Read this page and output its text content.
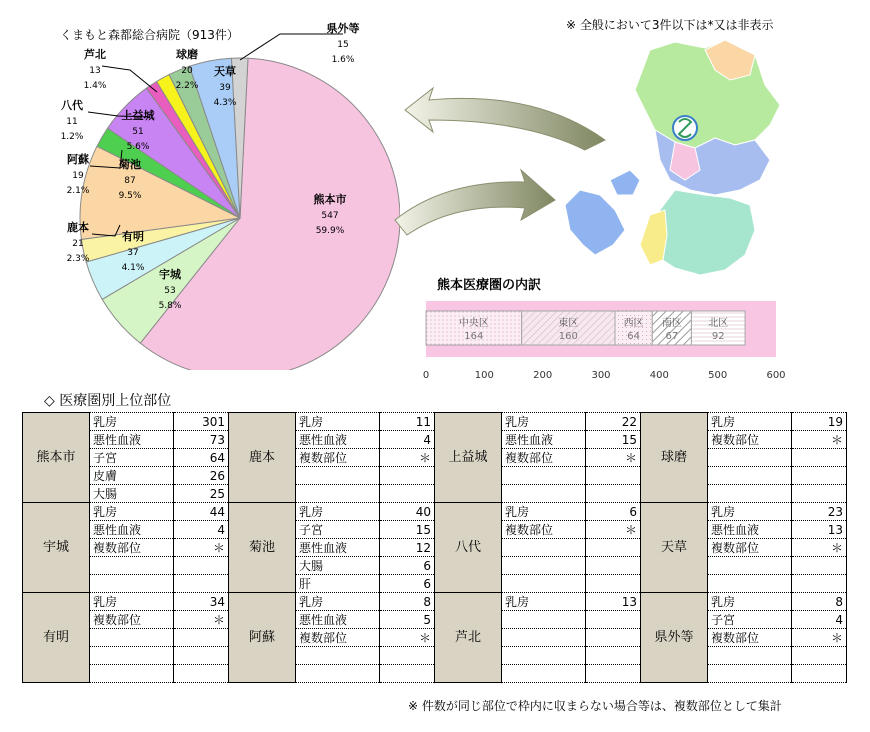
くまもと森都総合病院（913件）
※ 全般において3件以下は*又は非表示
熊本市
547
59.9%
宇城
53
5.8%
有明
37
4.1%
鹿本
21
2.3%
菊池
87
9.5%
阿蘇
19
2.1%
上益城
51
5.6%
八代
11
1.2%
芦北
13
1.4%
球磨
20
2.2%
天草
39
4.3%
県外等
15
1.6%
熊本医療圏の内訳
中央区
164
東区
160
西区
64
南区
67
北区
92
0	100	200	300	400	500	600
◇ 医療圏別上位部位
熊本市	乳房	301	鹿本	乳房	11	上益城	乳房	22	球磨	乳房	19
	悪性血液	73		悪性血液	4		悪性血液	15		複数部位	＊
	子宮	64		複数部位	＊		複数部位	＊			
	皮膚	26									
	大腸	25									
宇城	乳房	44	菊池	乳房	40	八代	乳房	6	天草	乳房	23
	悪性血液	4		子宮	15		複数部位	＊		悪性血液	13
	複数部位	＊		悪性血液	12					複数部位	＊
				大腸	6						
				肝	6						
有明	乳房	34	阿蘇	乳房	8	芦北	乳房	13	県外等	乳房	8
	複数部位	＊		悪性血液	5					子宮	4
				複数部位	＊					複数部位	＊

※ 件数が同じ部位で枠内に収まらない場合等は、複数部位として集計
